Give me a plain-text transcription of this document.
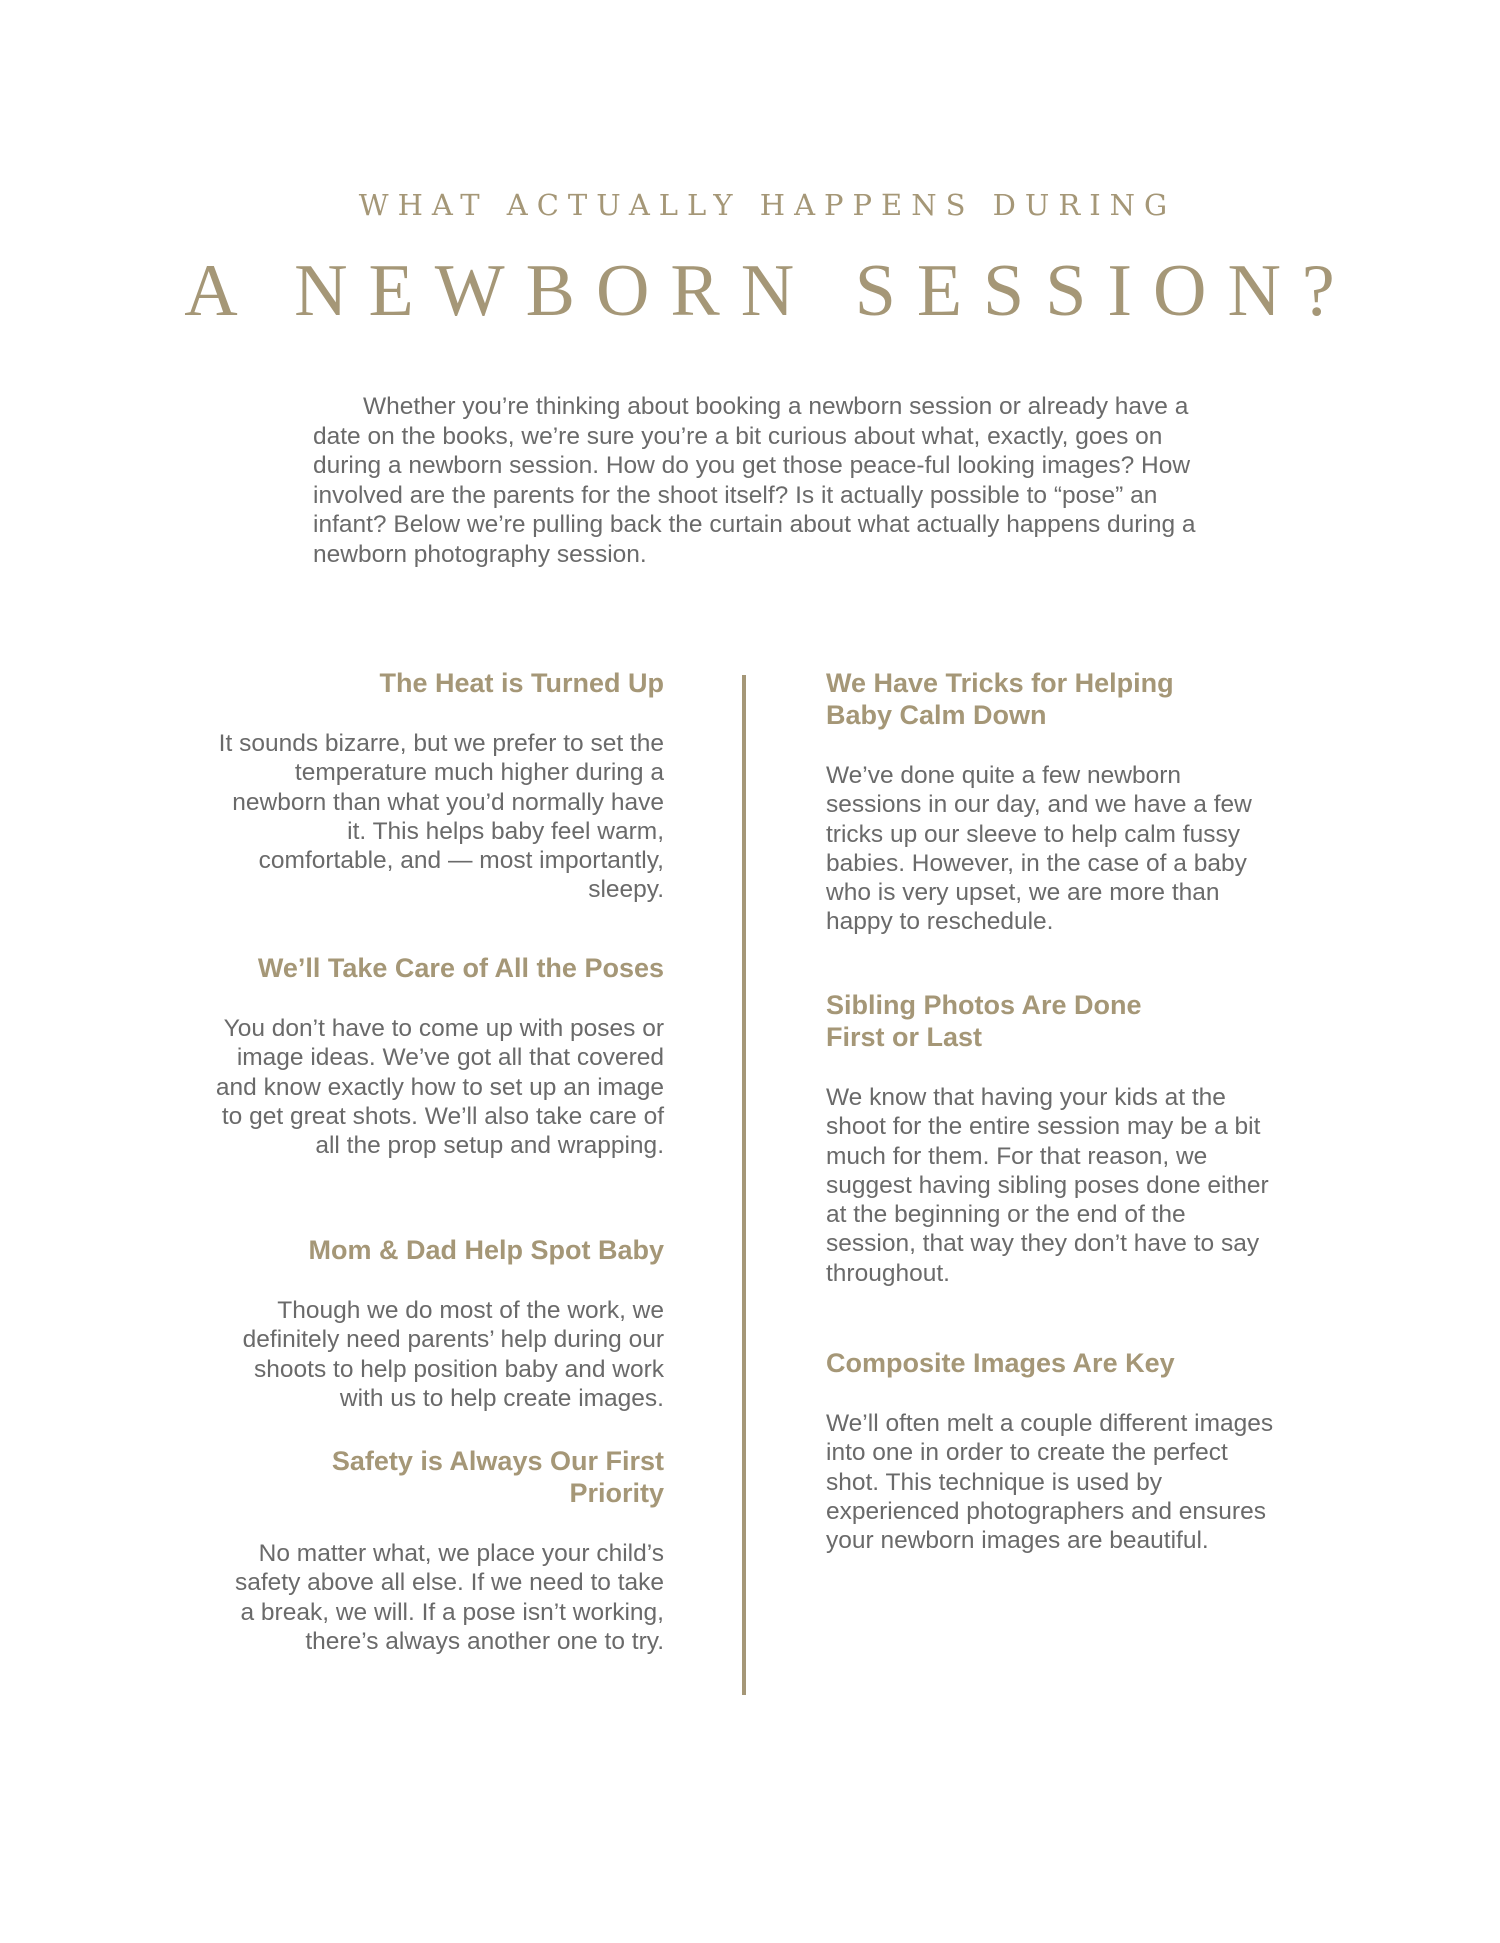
WHAT ACTUALLY HAPPENS DURING

A NEWBORN SESSION?

Whether you’re thinking about booking a newborn session or already have a date on the books, we’re sure you’re a bit curious about what, exactly, goes on during a newborn session. How do you get those peace-ful looking images? How involved are the parents for the shoot itself? Is it actually possible to “pose” an infant? Below we’re pulling back the curtain about what actually happens during a newborn photography session.

The Heat is Turned Up

It sounds bizarre, but we prefer to set the temperature much higher during a newborn than what you’d normally have it. This helps baby feel warm, comfortable, and — most importantly, sleepy.

We’ll Take Care of All the Poses

You don’t have to come up with poses or image ideas. We’ve got all that covered and know exactly how to set up an image to get great shots. We’ll also take care of all the prop setup and wrapping.

Mom & Dad Help Spot Baby

Though we do most of the work, we definitely need parents’ help during our shoots to help position baby and work with us to help create images.

Safety is Always Our First Priority

No matter what, we place your child’s safety above all else. If we need to take a break, we will. If a pose isn’t working, there’s always another one to try.

We Have Tricks for Helping Baby Calm Down

We’ve done quite a few newborn sessions in our day, and we have a few tricks up our sleeve to help calm fussy babies. However, in the case of a baby who is very upset, we are more than happy to reschedule.

Sibling Photos Are Done First or Last

We know that having your kids at the shoot for the entire session may be a bit much for them. For that reason, we suggest having sibling poses done either at the beginning or the end of the session, that way they don’t have to say throughout.

Composite Images Are Key

We’ll often melt a couple different images into one in order to create the perfect shot. This technique is used by experienced photographers and ensures your newborn images are beautiful.
